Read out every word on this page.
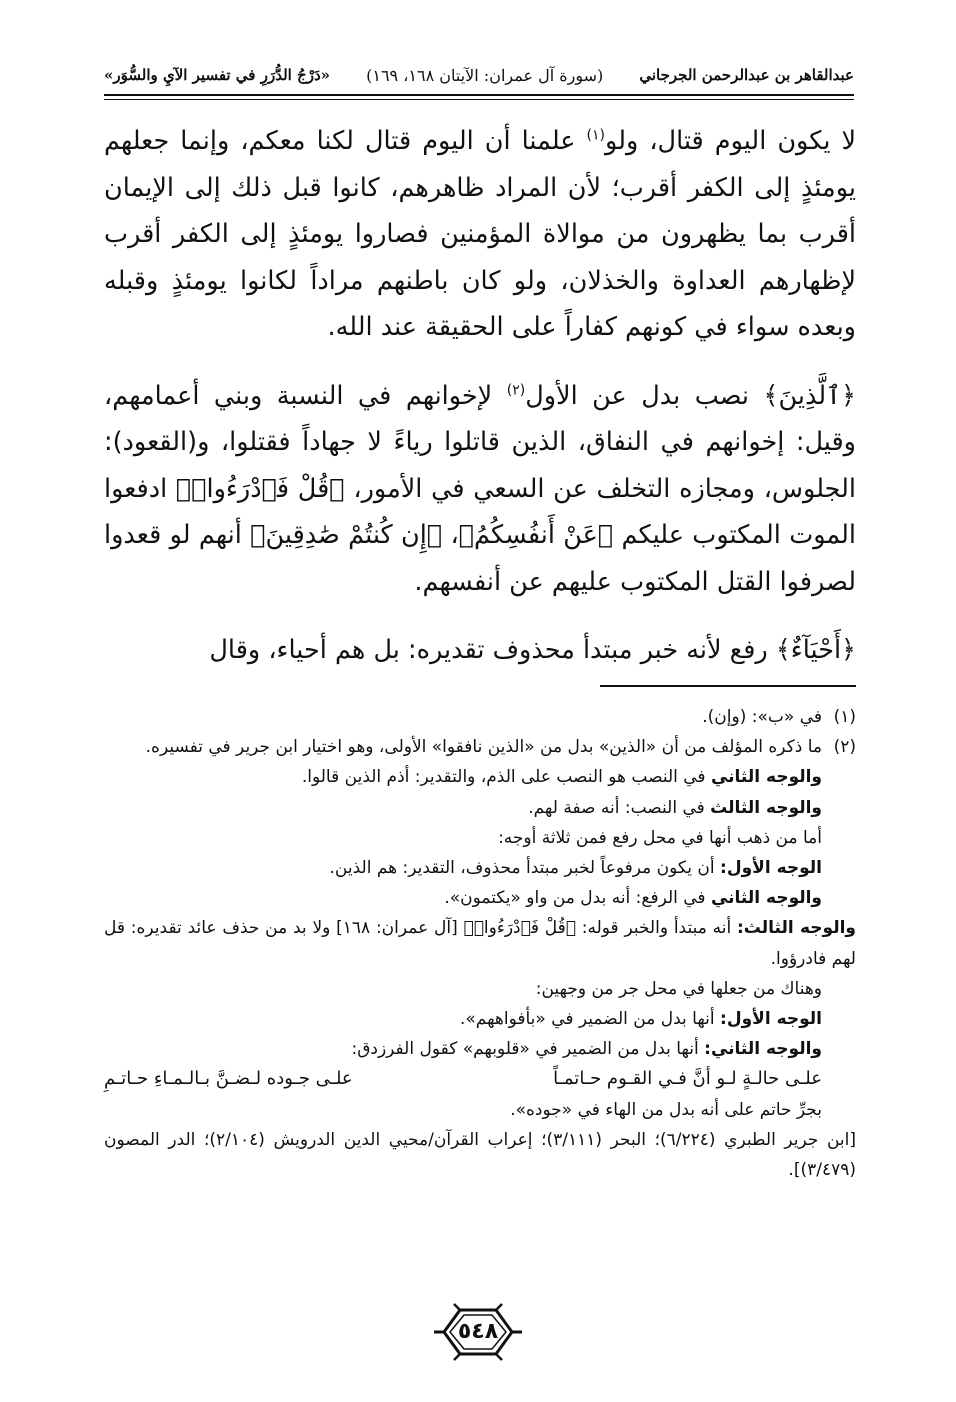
عبدالقاهر بن عبدالرحمن الجرجاني
(سورة آل عمران: الآيتان ١٦٨، ١٦٩)
«دَرْجُ الدُّرَرِ في تفسير الآيِ والسُّوَر»

لا يكون اليوم قتال، ولو$^{(١)}$ علمنا أن اليوم قتال لكنا معكم، وإنما جعلهم يومئذٍ إلى الكفر أقرب؛ لأن المراد ظاهرهم، كانوا قبل ذلك إلى الإيمان أقرب بما يظهرون من موالاة المؤمنين فصاروا يومئذٍ إلى الكفر أقرب لإظهارهم العداوة والخذلان، ولو كان باطنهم مراداً لكانوا يومئذٍ وقبله وبعده سواء في كونهم كفاراً على الحقيقة عند الله.

﴿ٱلَّذِينَ﴾ نصب بدل عن الأول$^{(٢)}$ لإخوانهم في النسبة وبني أعمامهم، وقيل: إخوانهم في النفاق، الذين قاتلوا رياءً لا جهاداً فقتلوا، و(القعود): الجلوس، ومجازه التخلف عن السعي في الأمور، ﴿قُلْ فَٱدْرَءُوا۟﴾ ادفعوا الموت المكتوب عليكم ﴿عَنْ أَنفُسِكُمُ﴾، ﴿إِن كُنتُمْ صَٰدِقِينَ﴾ أنهم لو قعدوا لصرفوا القتل المكتوب عليهم عن أنفسهم.

﴿أَحْيَآءٌ﴾ رفع لأنه خبر مبتدأ محذوف تقديره: بل هم أحياء، وقال

(١)
في «ب»: (وإن).
(٢)
ما ذكره المؤلف من أن «الذين» بدل من «الذين نافقوا» الأولى، وهو اختيار ابن جرير في تفسيره.
والوجه الثاني في النصب هو النصب على الذم، والتقدير: أذم الذين قالوا.
والوجه الثالث في النصب: أنه صفة لهم.
أما من ذهب أنها في محل رفع فمن ثلاثة أوجه:
الوجه الأول: أن يكون مرفوعاً لخبر مبتدأ محذوف، التقدير: هم الذين.
والوجه الثاني في الرفع: أنه بدل من واو «يكتمون».
والوجه الثالث: أنه مبتدأ والخبر قوله: ﴿قُلْ فَٱدْرَءُوا۟﴾ [آل عمران: ١٦٨] ولا بد من حذف عائد تقديره: قل لهم فادرؤوا.
وهناك من جعلها في محل جر من وجهين:
الوجه الأول: أنها بدل من الضمير في «بأفواههم».
والوجه الثاني: أنها بدل من الضمير في «قلوبهم» كقول الفرزدق:
علـى حالـةٍ لـو أنَّ فـي القـوم حـاتمـاً
علـى جـوده لـضـنَّ بـالـمـاءِ حـاتـمِ
بجرِّ حاتم على أنه بدل من الهاء في «جوده».
[ابن جرير الطبري (٦/٢٢٤)؛ البحر (٣/١١١)؛ إعراب القرآن/محيي الدين الدرويش (٢/١٠٤)؛ الدر المصون (٣/٤٧٩)].
٥٤٨
